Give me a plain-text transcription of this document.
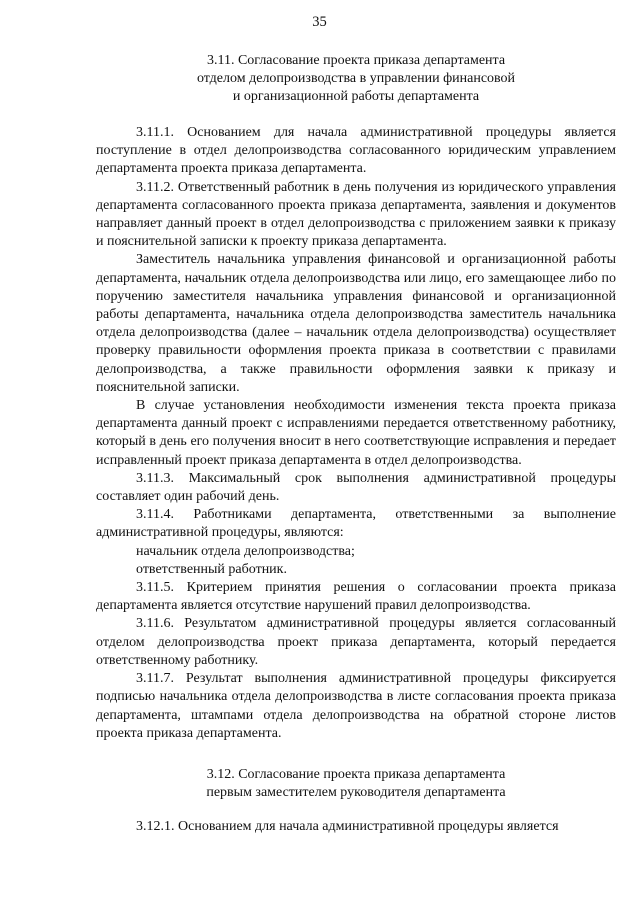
35
3.11. Согласование проекта приказа департамента
отделом делопроизводства в управлении финансовой
и организационной работы департамента

3.11.1. Основанием для начала административной процедуры является поступление в отдел делопроизводства согласованного юридическим управлением департамента проекта приказа департамента.

3.11.2. Ответственный работник в день получения из юридического управления департамента согласованного проекта приказа департамента, заявления и документов направляет данный проект в отдел делопроизводства с приложением заявки к приказу и пояснительной записки к проекту приказа департамента.

Заместитель начальника управления финансовой и организационной работы департамента, начальник отдела делопроизводства или лицо, его замещающее либо по поручению заместителя начальника управления финансовой и организационной работы департамента, начальника отдела делопроизводства заместитель начальника отдела делопроизводства (далее – начальник отдела делопроизводства) осуществляет проверку правильности оформления проекта приказа в соответствии с правилами делопроизводства, а также правильности оформления заявки к приказу и пояснительной записки.

В случае установления необходимости изменения текста проекта приказа департамента данный проект с исправлениями передается ответственному работнику, который в день его получения вносит в него соответствующие исправления и передает исправленный проект приказа департамента в отдел делопроизводства.

3.11.3. Максимальный срок выполнения административной процедуры составляет один рабочий день.

3.11.4. Работниками департамента, ответственными за выполнение административной процедуры, являются:

начальник отдела делопроизводства;

ответственный работник.

3.11.5. Критерием принятия решения о согласовании проекта приказа департамента является отсутствие нарушений правил делопроизводства.

3.11.6. Результатом административной процедуры является согласованный отделом делопроизводства проект приказа департамента, который передается ответственному работнику.

3.11.7. Результат выполнения административной процедуры фиксируется подписью начальника отдела делопроизводства в листе согласования проекта приказа департамента, штампами отдела делопроизводства на обратной стороне листов проекта приказа департамента.

3.12. Согласование проекта приказа департамента
первым заместителем руководителя департамента

3.12.1. Основанием для начала административной процедуры является
